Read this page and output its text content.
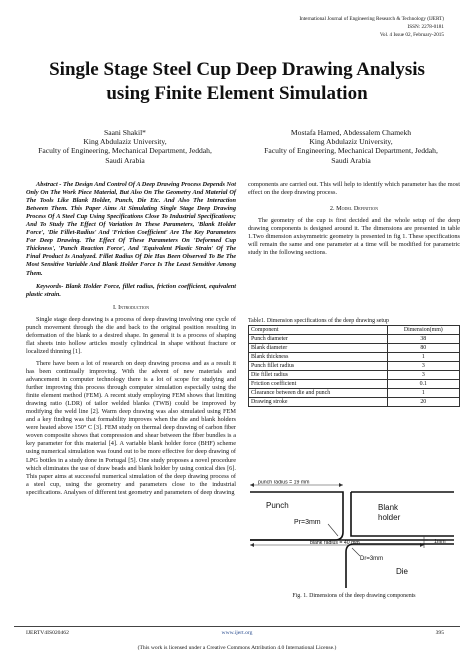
International Journal of Engineering Research & Technology (IJERT)
ISSN: 2278-0181
Vol. 4 Issue 02, February-2015
Single Stage Steel Cup Deep Drawing Analysis
using Finite Element Simulation
Saani Shakil*
King Abdulaziz University,
Faculty of Engineering, Mechanical Department, Jeddah,
Saudi Arabia
Mostafa Hamed, Abdessalem Chamekh
King Abdulaziz University,
Faculty of Engineering, Mechanical Department, Jeddah,
Saudi Arabia

Abstract - The Design And Control Of A Deep Drawing Process Depends Not Only On The Work Piece Material, But Also On The Geometry And Material Of The Tools Like Blank Holder, Punch, Die Etc. And Also The Interaction Between Them. This Paper Aims At Simulating Single Stage Deep Drawing Process Of A Steel Cup Using Specifications Close To Industrial Specifications; And To Study The Effect Of Variation In These Parameters, 'Blank Holder Force', 'Die Fillet-Radius' And 'Friction Coefficient' Are The Key Parameters For Deep Drawing. The Effect Of These Parameters On 'Deformed Cup Thickness', 'Punch Reaction Force', And 'Equivalent Plastic Strain' Of The Final Product Is Analyzed. Fillet Radius Of Die Has Been Observed To Be The Most Sensitive Variable And Blank Holder Force Is The Least Sensitive Among Them.

Keywords- Blank Holder Force, fillet radius, friction coefficient, equivalent plastic strain.

I. Introduction

Single stage deep drawing is a process of deep drawing involving one cycle of punch movement through the die and back to the original position resulting in deformation of the blank to a desired shape. In general it is a process of shaping flat sheets into hollow articles mostly cylindrical in shape without fracture or localized thinning [1].

There have been a lot of research on deep drawing process and as a result it has been continually improving. With the advent of new materials and advancement in computer technology there is a lot of scope for studying and further improving this process through computer simulation especially using the finite element method (FEM). A recent study employing FEM shows that limiting drawing ratio (LDR) of tailor welded blanks (TWB) could be improved by modifying the weld line [2]. Warm deep drawing was also simulated using FEM and a key finding was that formability improves when the die and blank holders were heated above 150° C [3]. FEM study on thermal deep drawing of carbon fiber woven composite shows that compression and shear between the fiber bundles is a key parameter for this material [4]. A variable blank holder force (BHF) scheme using numerical simulation was found out to be more effective for deep drawing of LPG bottles in a study done in Portugal [5]. One study proposes a novel procedure which eliminates the use of draw beads and blank holder by using conical dies [6]. This paper aims at successful numerical simulation of the deep drawing process of a steel cup, using the geometry and parameters close to the industrial specifications. Analyses of different test geometry and parameters of deep drawing

components are carried out. This will help to identify which parameter has the most effect on the deep drawing process.

2. Model Definition

The geometry of the cup is first decided and the whole setup of the deep drawing components is designed around it. The dimensions are presented in table 1.Two dimension axisymmetric geometry is presented in fig 1. These specifications will remain the same and one parameter at a time will be modified for parametric study in the following sections.

Table1. Dimension specifications of the deep drawing setup
Component	Dimension(mm)
Punch diameter	38
Blank diameter	80
Blank thickness	1
Punch fillet radius	3
Die fillet radius	3
Friction coefficient	0.1
Clearance between die and punch	1
Drawing stroke	20
punch radius = 19 mm
Punch
Pr=3mm
Blank
holder
blank radius = 40 mm	1mm
Dr=3mm
Die
Fig. 1. Dimensions of the deep drawing components
IJERTV4IS020462	www.ijert.org	395
(This work is licensed under a Creative Commons Attribution 4.0 International License.)
